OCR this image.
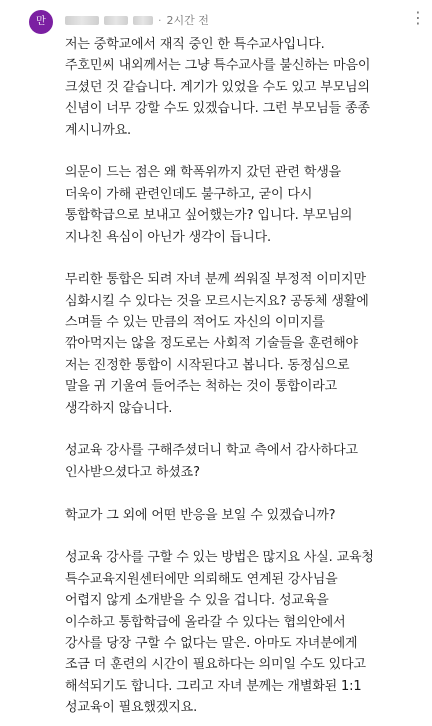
만	· 2시간 전	⋮
저는 중학교에서 재직 중인 한 특수교사입니다.
주호민씨 내외께서는 그냥 특수교사를 불신하는 마음이
크셨던 것 같습니다. 계기가 있었을 수도 있고 부모님의
신념이 너무 강할 수도 있겠습니다. 그런 부모님들 종종
계시니까요.
의문이 드는 점은 왜 학폭위까지 갔던 관련 학생을
더욱이 가해 관련인데도 불구하고, 굳이 다시
통합학급으로 보내고 싶어했는가? 입니다. 부모님의
지나친 욕심이 아닌가 생각이 듭니다.
무리한 통합은 되려 자녀 분께 씌워질 부정적 이미지만
심화시킬 수 있다는 것을 모르시는지요? 공동체 생활에
스며들 수 있는 만큼의 적어도 자신의 이미지를
깎아먹지는 않을 정도로는 사회적 기술들을 훈련해야
저는 진정한 통합이 시작된다고 봅니다. 동정심으로
말을 귀 기울여 들어주는 척하는 것이 통합이라고
생각하지 않습니다.
성교육 강사를 구해주셨더니 학교 측에서 감사하다고
인사받으셨다고 하셨죠?
학교가 그 외에 어떤 반응을 보일 수 있겠습니까?
성교육 강사를 구할 수 있는 방법은 많지요 사실. 교육청
특수교육지원센터에만 의뢰해도 연계된 강사님을
어렵지 않게 소개받을 수 있을 겁니다. 성교육을
이수하고 통합학급에 올라갈 수 있다는 협의안에서
강사를 당장 구할 수 없다는 말은. 아마도 자녀분에게
조금 더 훈련의 시간이 필요하다는 의미일 수도 있다고
해석되기도 합니다. 그리고 자녀 분께는 개별화된 1:1
성교육이 필요했겠지요.
